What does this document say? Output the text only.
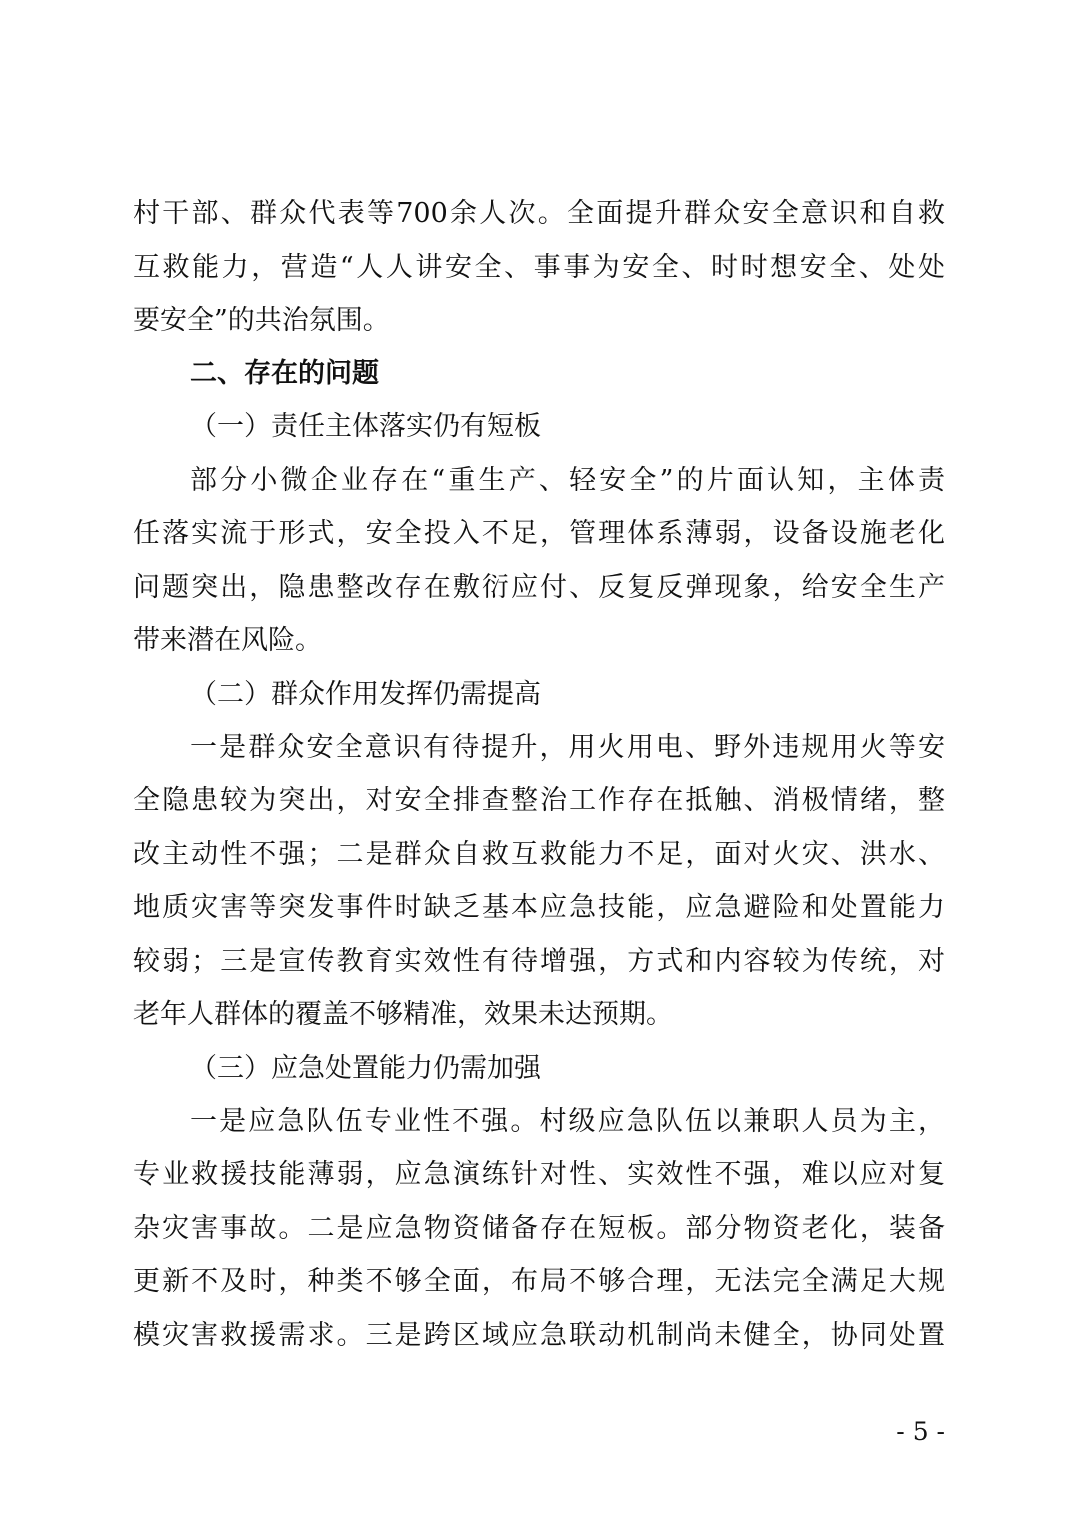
村干部、群众代表等700余人次。全面提升群众安全意识和自救
互救能力，营造“人人讲安全、事事为安全、时时想安全、处处
要安全”的共治氛围。
二、存在的问题
（一）责任主体落实仍有短板
部分小微企业存在“重生产、轻安全”的片面认知，主体责
任落实流于形式，安全投入不足，管理体系薄弱，设备设施老化
问题突出，隐患整改存在敷衍应付、反复反弹现象，给安全生产
带来潜在风险。
（二）群众作用发挥仍需提高
一是群众安全意识有待提升，用火用电、野外违规用火等安
全隐患较为突出，对安全排查整治工作存在抵触、消极情绪，整
改主动性不强；二是群众自救互救能力不足，面对火灾、洪水、
地质灾害等突发事件时缺乏基本应急技能，应急避险和处置能力
较弱；三是宣传教育实效性有待增强，方式和内容较为传统，对
老年人群体的覆盖不够精准，效果未达预期。
（三）应急处置能力仍需加强
一是应急队伍专业性不强。村级应急队伍以兼职人员为主，
专业救援技能薄弱，应急演练针对性、实效性不强，难以应对复
杂灾害事故。二是应急物资储备存在短板。部分物资老化，装备
更新不及时，种类不够全面，布局不够合理，无法完全满足大规
模灾害救援需求。三是跨区域应急联动机制尚未健全，协同处置
- 5 -
